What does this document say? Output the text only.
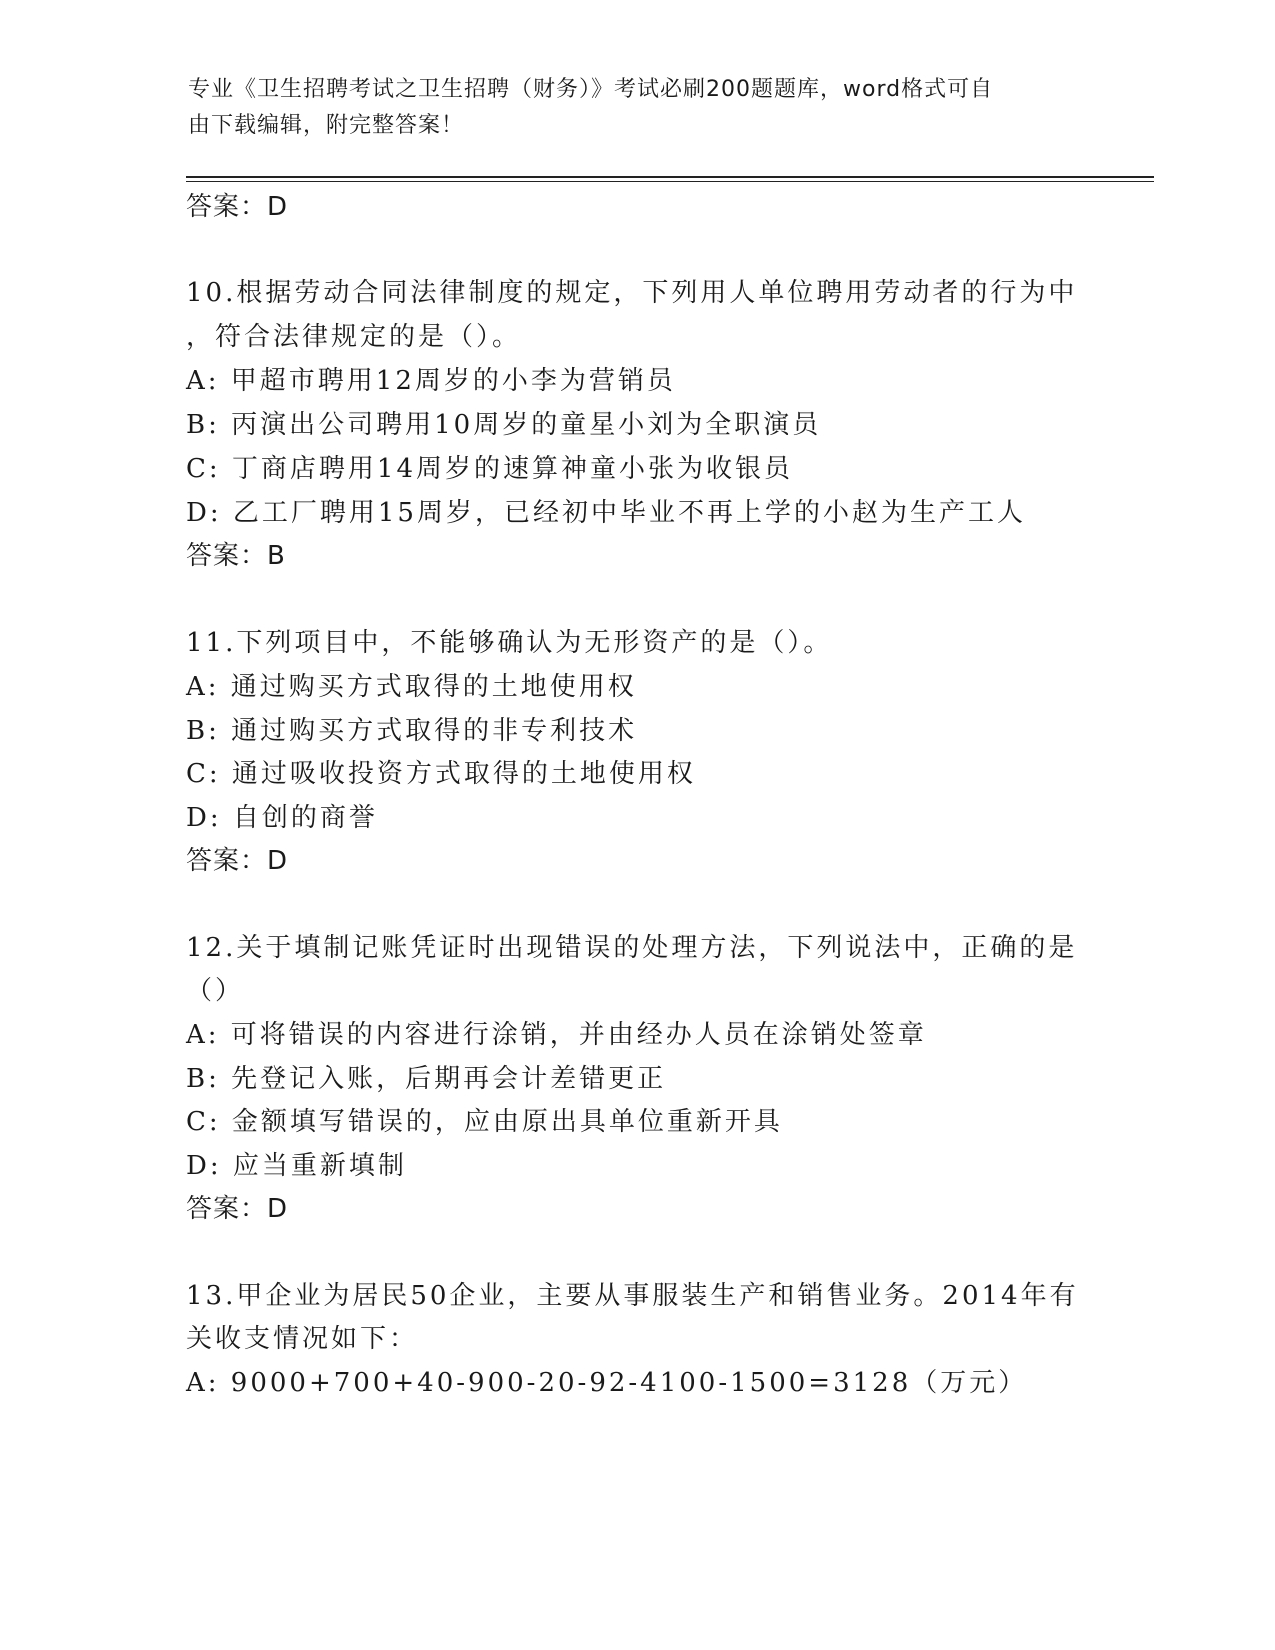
专业《卫生招聘考试之卫生招聘（财务）》考试必刷200题题库，word格式可自
由下载编辑，附完整答案！
答案：D
10.根据劳动合同法律制度的规定，下列用人单位聘用劳动者的行为中
，符合法律规定的是（）。
A: 甲超市聘用12周岁的小李为营销员
B: 丙演出公司聘用10周岁的童星小刘为全职演员
C: 丁商店聘用14周岁的速算神童小张为收银员
D: 乙工厂聘用15周岁，已经初中毕业不再上学的小赵为生产工人
答案：B
11.下列项目中，不能够确认为无形资产的是（）。
A: 通过购买方式取得的土地使用权
B: 通过购买方式取得的非专利技术
C: 通过吸收投资方式取得的土地使用权
D: 自创的商誉
答案：D
12.关于填制记账凭证时出现错误的处理方法，下列说法中，正确的是
（）
A: 可将错误的内容进行涂销，并由经办人员在涂销处签章
B: 先登记入账，后期再会计差错更正
C: 金额填写错误的，应由原出具单位重新开具
D: 应当重新填制
答案：D
13.甲企业为居民50企业，主要从事服装生产和销售业务。2014年有
关收支情况如下：
A: 9000+700+40-900-20-92-4100-1500=3128（万元）
